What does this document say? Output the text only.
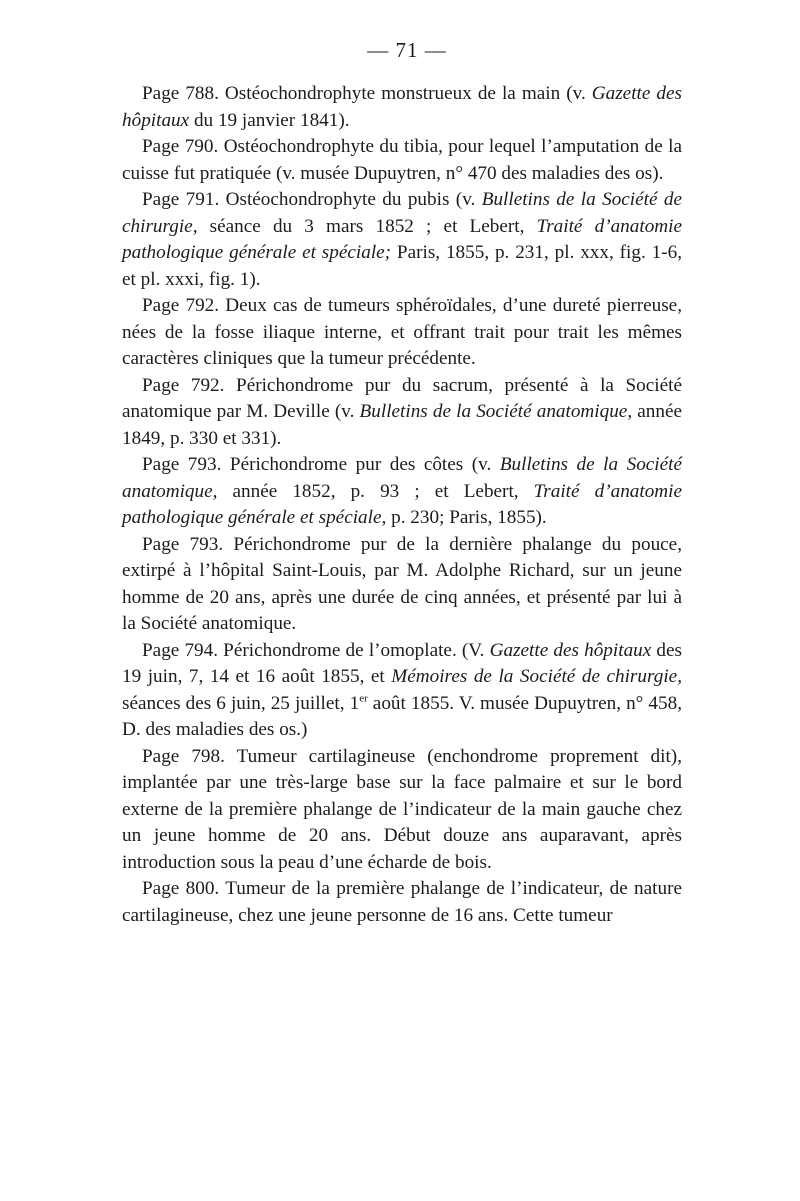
— 71 —

Page 788. Ostéochondrophyte monstrueux de la main (v. Gazette des hôpitaux du 19 janvier 1841).

Page 790. Ostéochondrophyte du tibia, pour lequel l’amputation de la cuisse fut pratiquée (v. musée Dupuytren, n° 470 des maladies des os).

Page 791. Ostéochondrophyte du pubis (v. Bulletins de la Société de chirurgie, séance du 3 mars 1852 ; et Lebert, Traité d’anatomie pathologique générale et spéciale; Paris, 1855, p. 231, pl. xxx, fig. 1-6, et pl. xxxi, fig. 1).

Page 792. Deux cas de tumeurs sphéroïdales, d’une dureté pierreuse, nées de la fosse iliaque interne, et offrant trait pour trait les mêmes caractères cliniques que la tumeur précédente.

Page 792. Périchondrome pur du sacrum, présenté à la Société anatomique par M. Deville (v. Bulletins de la Société anatomique, année 1849, p. 330 et 331).

Page 793. Périchondrome pur des côtes (v. Bulletins de la Société anatomique, année 1852, p. 93 ; et Lebert, Traité d’anatomie pathologique générale et spéciale, p. 230; Paris, 1855).

Page 793. Périchondrome pur de la dernière phalange du pouce, extirpé à l’hôpital Saint-Louis, par M. Adolphe Richard, sur un jeune homme de 20 ans, après une durée de cinq années, et présenté par lui à la Société anatomique.

Page 794. Périchondrome de l’omoplate. (V. Gazette des hôpitaux des 19 juin, 7, 14 et 16 août 1855, et Mémoires de la Société de chirurgie, séances des 6 juin, 25 juillet, 1er août 1855. V. musée Dupuytren, n° 458, D. des maladies des os.)

Page 798. Tumeur cartilagineuse (enchondrome proprement dit), implantée par une très-large base sur la face palmaire et sur le bord externe de la première phalange de l’indicateur de la main gauche chez un jeune homme de 20 ans. Début douze ans auparavant, après introduction sous la peau d’une écharde de bois.

Page 800. Tumeur de la première phalange de l’indicateur, de nature cartilagineuse, chez une jeune personne de 16 ans. Cette tumeur
